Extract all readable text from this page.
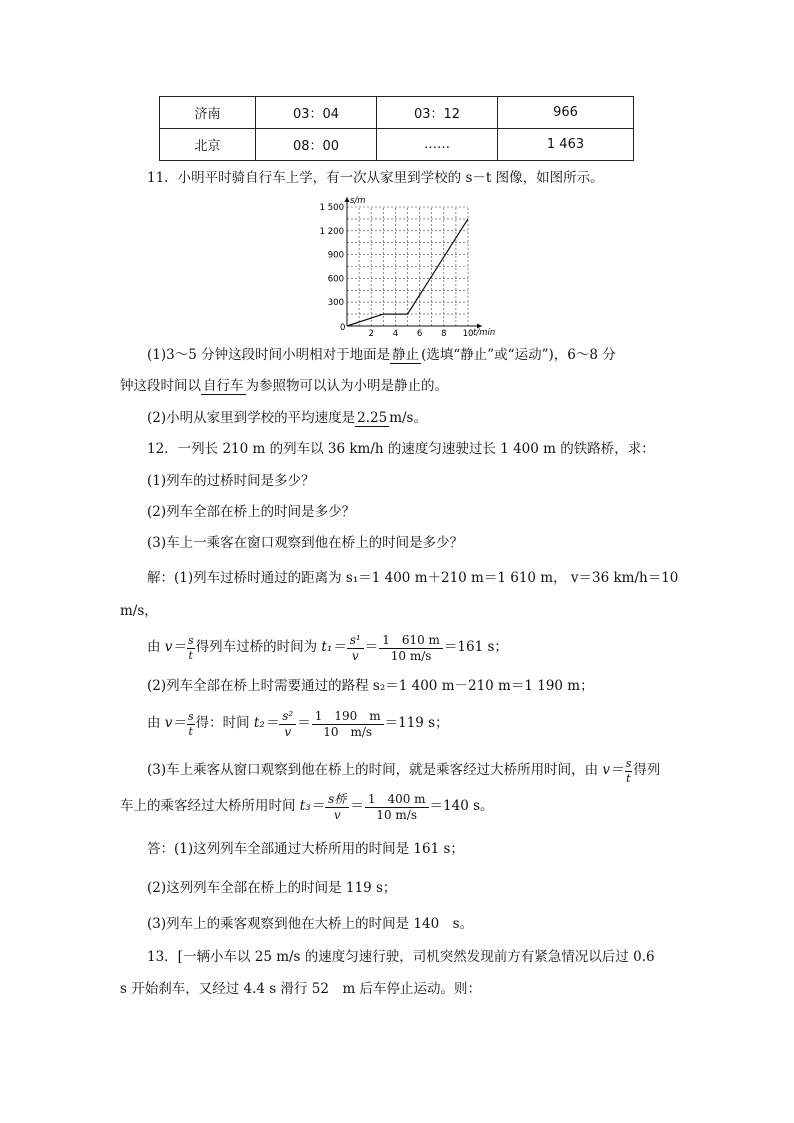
济南	03：04	03：12	966
北京	08：00	……	1 463
11．小明平时骑自行车上学，有一次从家里到学校的 s－t 图像，如图所示。
t/min
s/m
0
2 4 6 8 10
300
600
900
1 200
1 500
(1)3～5 分钟这段时间小明相对于地面是 静止 (选填“静止”或“运动”)，6～8 分
钟这段时间以 自行车 为参照物可以认为小明是静止的。
(2)小明从家里到学校的平均速度是 2.25 m/s。
12．一列长 210 m 的列车以 36 km/h 的速度匀速驶过长 1 400 m 的铁路桥，求：
(1)列车的过桥时间是多少？
(2)列车全部在桥上的时间是多少？
(3)车上一乘客在窗口观察到他在桥上的时间是多少？
解：(1)列车过桥时通过的距离为 s₁＝1 400 m＋210 m＝1 610 m， v＝36 km/h＝10
m/s，
由 $v= \frac{s}{t}$ 得列车过桥的时间为 $t_1= \frac{\text{s¹}}{v} = \frac{1 610 m}{10 m/s} =161$ s；
(2)列车全部在桥上时需要通过的路程 s₂＝1 400 m－210 m＝1 190 m；
由 $v= \frac{s}{t}$ 得：时间 $t_2= \frac{\text{s²}}{v} = \frac{1 190 m}{10 m/s} =119$ s；
(3)车上乘客从窗口观察到他在桥上的时间，就是乘客经过大桥所用时间，由 $v= \frac{s}{t}$ 得列
车上的乘客经过大桥所用时间 $t_3= \frac{\text{s桥}}{v} = \frac{1 400 m}{10 m/s} =140$ s。
答：(1)这列列车全部通过大桥所用的时间是 161 s；
(2)这列列车全部在桥上的时间是 119 s；
(3)列车上的乘客观察到他在大桥上的时间是 140　s。
13．[一辆小车以 25 m/s 的速度匀速行驶，司机突然发现前方有紧急情况以后过 0.6
s 开始刹车，又经过 4.4 s 滑行 52　m 后车停止运动。则：
